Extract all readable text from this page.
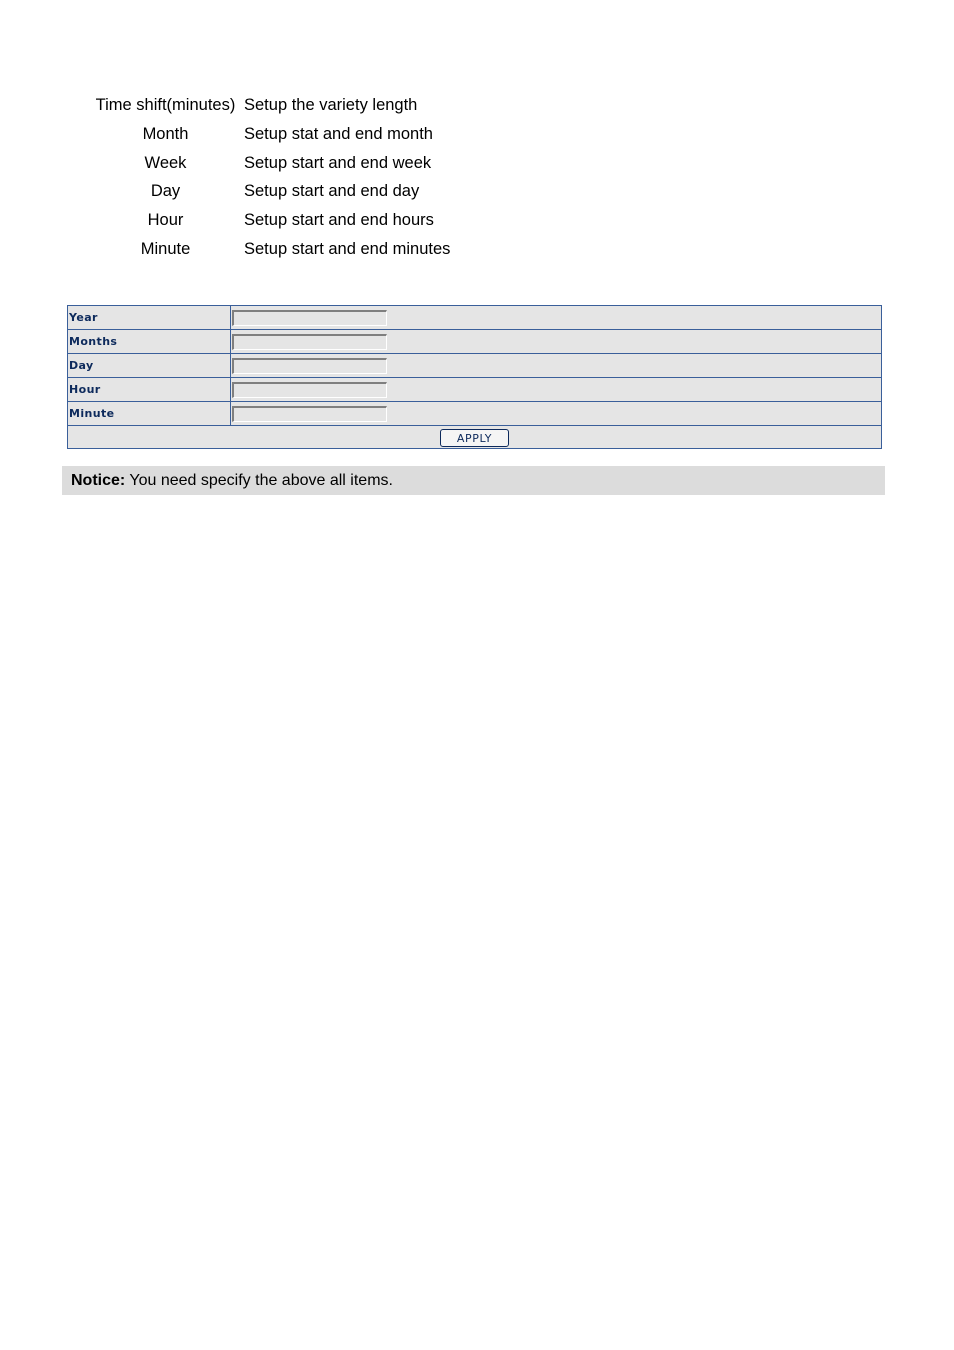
Time shift(minutes) Setup the variety length
Month	Setup stat and end month
Week	Setup start and end week
Day	Setup start and end day
Hour	Setup start and end hours
Minute	Setup start and end minutes
Year	

Months	

Day	

Hour	

Minute	

APPLY	
Notice: You need specify the above all items.
